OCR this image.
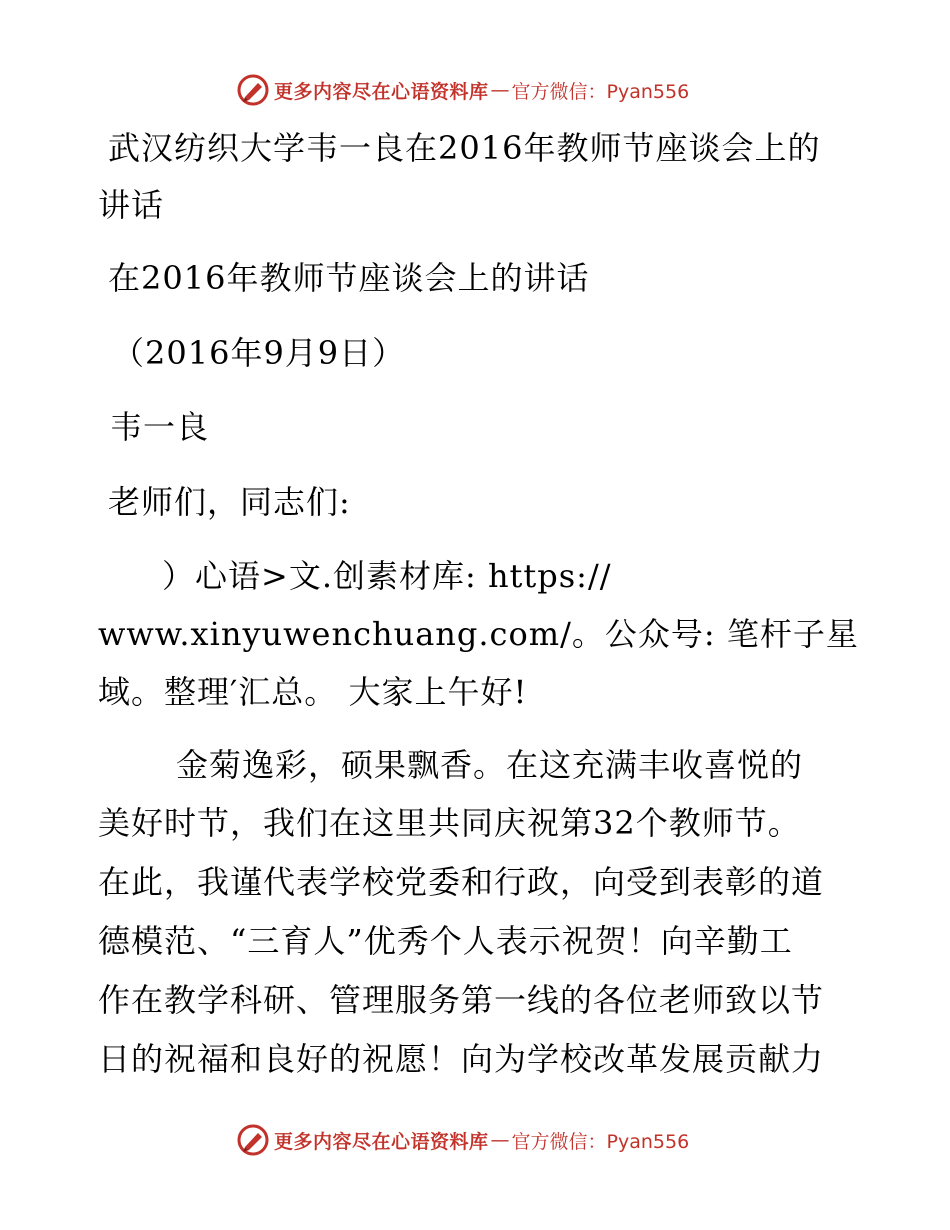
更多内容尽在心语资料库 — 官方微信：Pyan556
武汉纺织大学韦一良在2016年教师节座谈会上的
讲话
在2016年教师节座谈会上的讲话
（2016年9月9日）
韦一良
老师们，同志们:
）心语>文.创素材库: https://
www.xinyuwenchuang.com/。公众号: 笔杆子星
域。整理′汇总。 大家上午好!
金菊逸彩，硕果飘香。在这充满丰收喜悦的
美好时节，我们在这里共同庆祝第32个教师节。
在此，我谨代表学校党委和行政，向受到表彰的道
德模范、“三育人”优秀个人表示祝贺！向辛勤工
作在教学科研、管理服务第一线的各位老师致以节
日的祝福和良好的祝愿！向为学校改革发展贡献力
更多内容尽在心语资料库 — 官方微信：Pyan556
